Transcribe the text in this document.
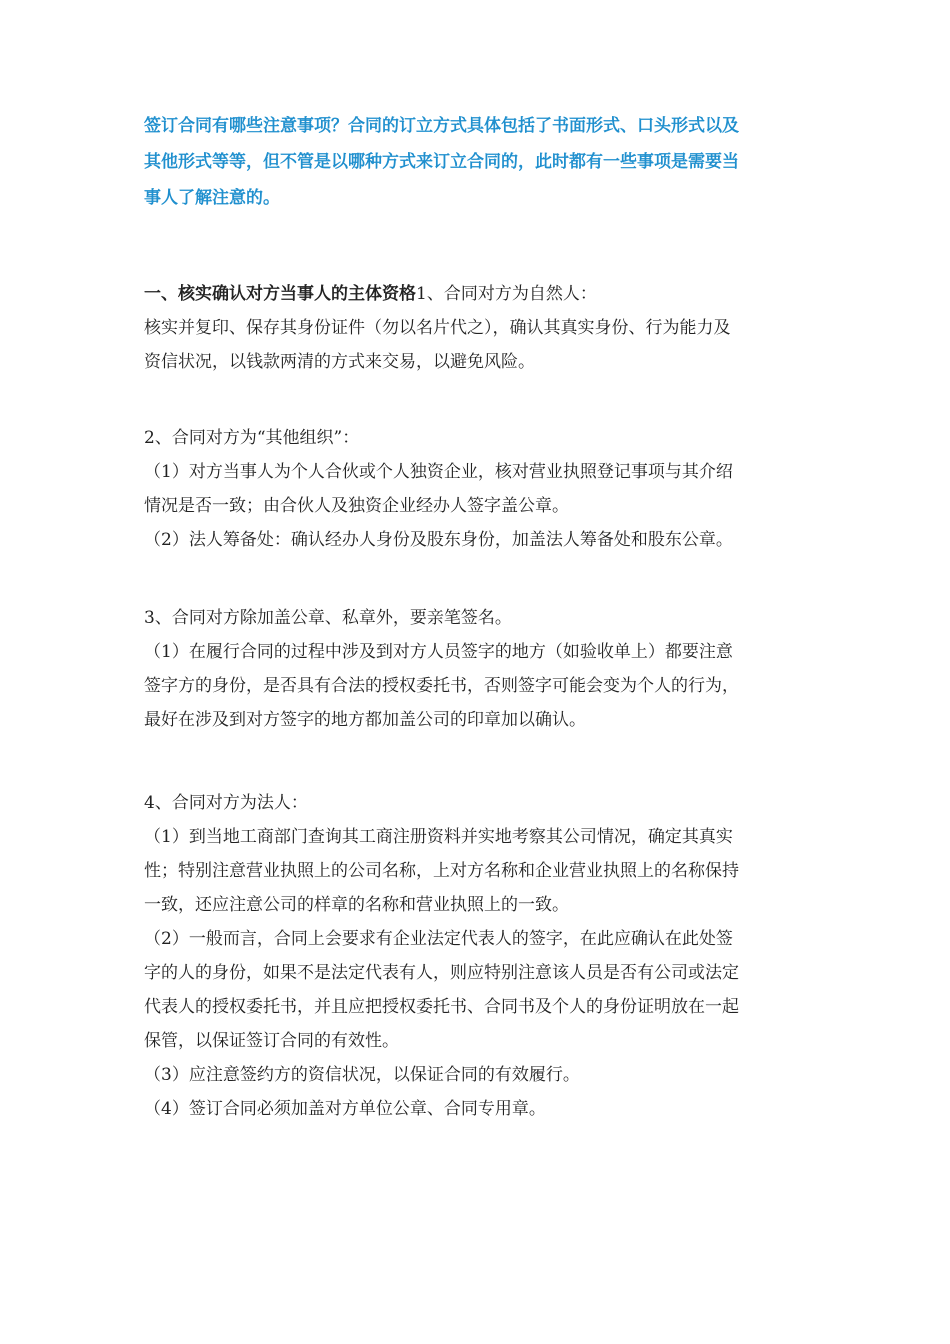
签订合同有哪些注意事项？合同的订立方式具体包括了书面形式、口头形式以及
其他形式等等，但不管是以哪种方式来订立合同的，此时都有一些事项是需要当
事人了解注意的。
一、核实确认对方当事人的主体资格1、合同对方为自然人：
核实并复印、保存其身份证件（勿以名片代之），确认其真实身份、行为能力及
资信状况，以钱款两清的方式来交易，以避免风险。
2、合同对方为“其他组织”：
（1）对方当事人为个人合伙或个人独资企业，核对营业执照登记事项与其介绍
情况是否一致；由合伙人及独资企业经办人签字盖公章。
（2）法人筹备处：确认经办人身份及股东身份，加盖法人筹备处和股东公章。
3、合同对方除加盖公章、私章外，要亲笔签名。
（1）在履行合同的过程中涉及到对方人员签字的地方（如验收单上）都要注意
签字方的身份，是否具有合法的授权委托书，否则签字可能会变为个人的行为，
最好在涉及到对方签字的地方都加盖公司的印章加以确认。
4、合同对方为法人：
（1）到当地工商部门查询其工商注册资料并实地考察其公司情况，确定其真实
性；特别注意营业执照上的公司名称，上对方名称和企业营业执照上的名称保持
一致，还应注意公司的样章的名称和营业执照上的一致。
（2）一般而言，合同上会要求有企业法定代表人的签字，在此应确认在此处签
字的人的身份，如果不是法定代表有人，则应特别注意该人员是否有公司或法定
代表人的授权委托书，并且应把授权委托书、合同书及个人的身份证明放在一起
保管，以保证签订合同的有效性。
（3）应注意签约方的资信状况，以保证合同的有效履行。
（4）签订合同必须加盖对方单位公章、合同专用章。
